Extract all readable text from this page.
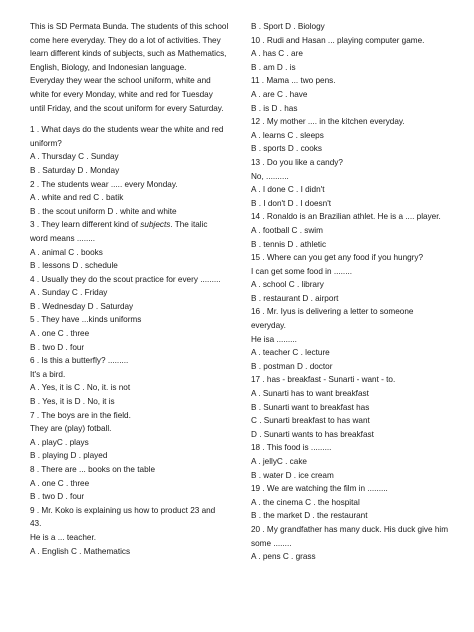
This is SD Permata Bunda. The students of this school
come here everyday. They do a lot of activities. They
learn different kinds of subjects, such as Mathematics,
English, Biology, and Indonesian language.
Everyday they wear the school uniform, white and
white for every Monday, white and red for Tuesday
until Friday, and the scout uniform for every Saturday.
1 . What days do the students wear the white and red
uniform?
A . Thursday C . Sunday
B . Saturday D . Monday
2 . The students wear ..... every Monday.
A . white and red C . batik
B . the scout uniform D . white and white
3 . They learn different kind of subjects. The italic
word means ........
A . animal C . books
B . lessons D . schedule
4 . Usually they do the scout practice for every .........
A . Sunday C . Friday
B . Wednesday D . Saturday
5 . They have ...kinds uniforms
A . one C . three
B . two D . four
6 . Is this a butterfly? .........
It's a bird.
A . Yes, it is C . No, it. is not
B . Yes, it is D . No, it is
7 . The boys are in the field.
They are (play) fotball.
A . playC . plays
B . playing D . played
8 . There are ... books on the table
A . one C . three
B . two D . four
9 . Mr. Koko is explaining us how to product 23 and
43.
He is a ... teacher.
A . English C . Mathematics
B . Sport D . Biology
10 . Rudi and Hasan ... playing computer game.
A . has C . are
B . am D . is
11 . Mama ... two pens.
A . are C . have
B . is D . has
12 . My mother .... in the kitchen everyday.
A . learns C . sleeps
B . sports D . cooks
13 . Do you like a candy?
No, ..........
A . I done C . I didn't
B . I don't D . I doesn't
14 . Ronaldo is an Brazilian athlet. He is a .... player.
A . football C . swim
B . tennis D . athletic
15 . Where can you get any food if you hungry?
I can get some food in ........
A . school C . library
B . restaurant D . airport
16 . Mr. Iyus is delivering a letter to someone
everyday.
He isa .........
A . teacher C . lecture
B . postman D . doctor
17 . has - breakfast - Sunarti - want - to.
A . Sunarti has to want breakfast
B . Sunarti want to breakfast has
C . Sunarti breakfast to has want
D . Sunarti wants to has breakfast
18 . This food is .........
A . jellyC . cake
B . water D . ice cream
19 . We are watching the film in .........
A . the cinema C . the hospital
B . the market D . the restaurant
20 . My grandfather has many duck. His duck give him
some ........
A . pens C . grass
